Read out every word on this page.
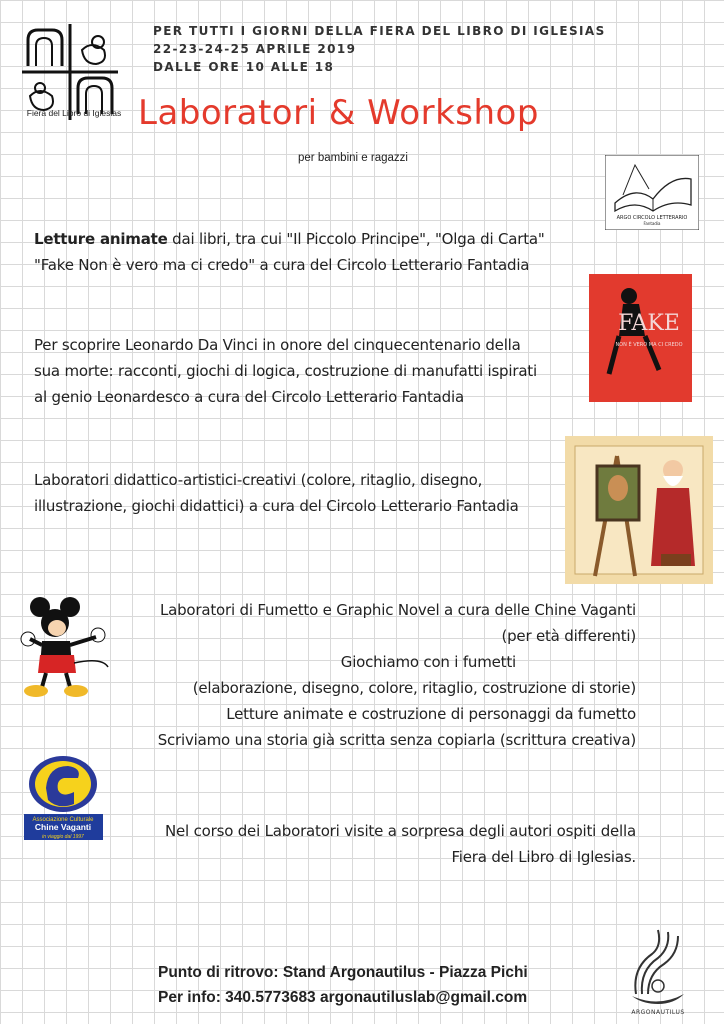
Fiera del Libro di Iglesias
PER TUTTI I GIORNI DELLA FIERA DEL LIBRO DI IGLESIAS
22-23-24-25 APRILE 2019
DALLE ORE 10 ALLE 18
Laboratori & Workshop
per bambini e ragazzi
ARGO CIRCOLO LETTERARIO
Fantadia
Letture animate dai libri, tra cui "Il Piccolo Principe", "Olga di Carta"
"Fake Non è vero ma ci credo" a cura del Circolo Letterario Fantadia
FAKE
NON È VERO MA CI CREDO
Per scoprire Leonardo Da Vinci in onore del cinquecentenario della
sua morte: racconti, giochi di logica, costruzione di manufatti ispirati
al genio Leonardesco a cura del Circolo Letterario Fantadia
Laboratori didattico-artistici-creativi (colore, ritaglio, disegno,
illustrazione, giochi didattici) a cura del Circolo Letterario Fantadia
Laboratori di Fumetto e Graphic Novel a cura delle Chine Vaganti
(per età differenti)
Giochiamo con i fumetti
(elaborazione, disegno, colore, ritaglio, costruzione di storie)
Letture animate e costruzione di personaggi da fumetto
Scriviamo una storia già scritta senza copiarla (scrittura creativa)
Associazione Culturale
Chine Vaganti
in viaggio dal 1997	Nel corso dei Laboratori visite a sorpresa degli autori ospiti della
Fiera del Libro di Iglesias.
Punto di ritrovo: Stand Argonautilus - Piazza Pichi
Per info: 340.5773683 argonautiluslab@gmail.com
ARGONAUTILUS
